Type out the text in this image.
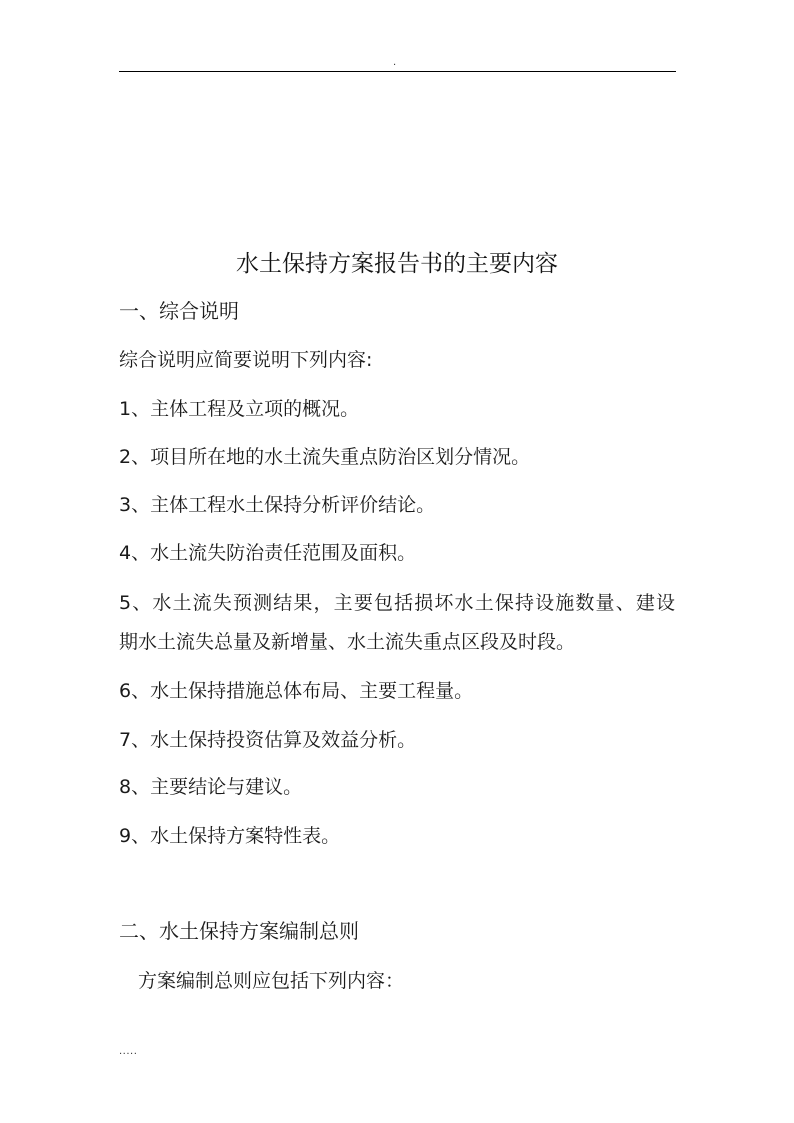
.
水土保持方案报告书的主要内容
一、综合说明
综合说明应简要说明下列内容:
1、主体工程及立项的概况。
2、项目所在地的水土流失重点防治区划分情况。
3、主体工程水土保持分析评价结论。
4、水土流失防治责任范围及面积。
5、水土流失预测结果，主要包括损坏水土保持设施数量、建设
期水土流失总量及新增量、水土流失重点区段及时段。
6、水土保持措施总体布局、主要工程量。
7、水土保持投资估算及效益分析。
8、主要结论与建议。
9、水土保持方案特性表。
二、水土保持方案编制总则
方案编制总则应包括下列内容：
.....
